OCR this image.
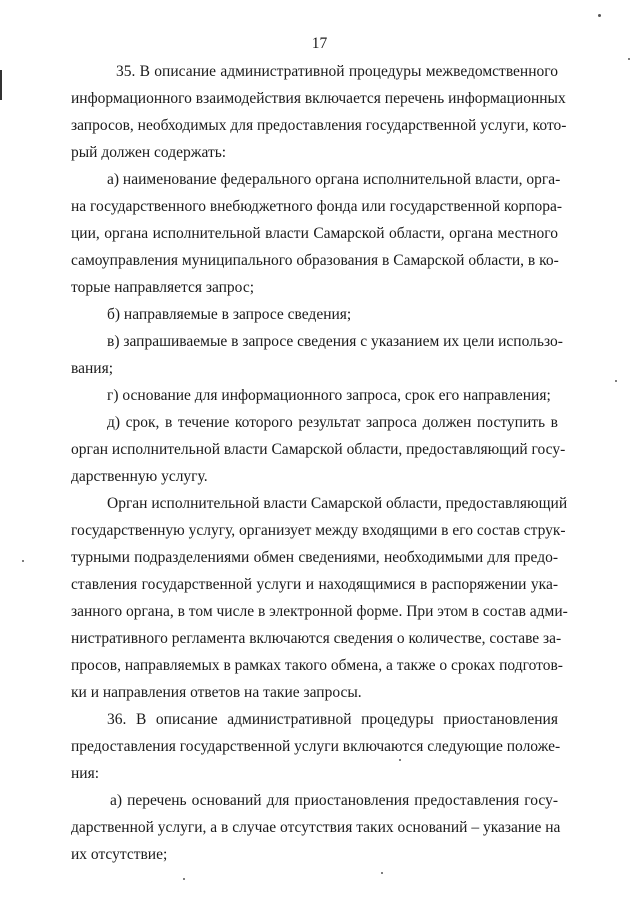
17
35. В описание административной процедуры межведомственного
информационного взаимодействия включается перечень информационных
запросов, необходимых для предоставления государственной услуги, кото-
рый должен содержать:
а) наименование федерального органа исполнительной власти, орга-
на государственного внебюджетного фонда или государственной корпора-
ции, органа исполнительной власти Самарской области, органа местного
самоуправления муниципального образования в Самарской области, в ко-
торые направляется запрос;
б) направляемые в запросе сведения;
в) запрашиваемые в запросе сведения с указанием их цели использо-
вания;
г) основание для информационного запроса, срок его направления;
д) срок, в течение которого результат запроса должен поступить в
орган исполнительной власти Самарской области, предоставляющий госу-
дарственную услугу.
Орган исполнительной власти Самарской области, предоставляющий
государственную услугу, организует между входящими в его состав струк-
турными подразделениями обмен сведениями, необходимыми для предо-
ставления государственной услуги и находящимися в распоряжении ука-
занного органа, в том числе в электронной форме. При этом в состав адми-
нистративного регламента включаются сведения о количестве, составе за-
просов, направляемых в рамках такого обмена, а также о сроках подготов-
ки и направления ответов на такие запросы.
36. В описание административной процедуры приостановления
предоставления государственной услуги включаются следующие положе-
ния:
а) перечень оснований для приостановления предоставления госу-
дарственной услуги, а в случае отсутствия таких оснований – указание на
их отсутствие;
